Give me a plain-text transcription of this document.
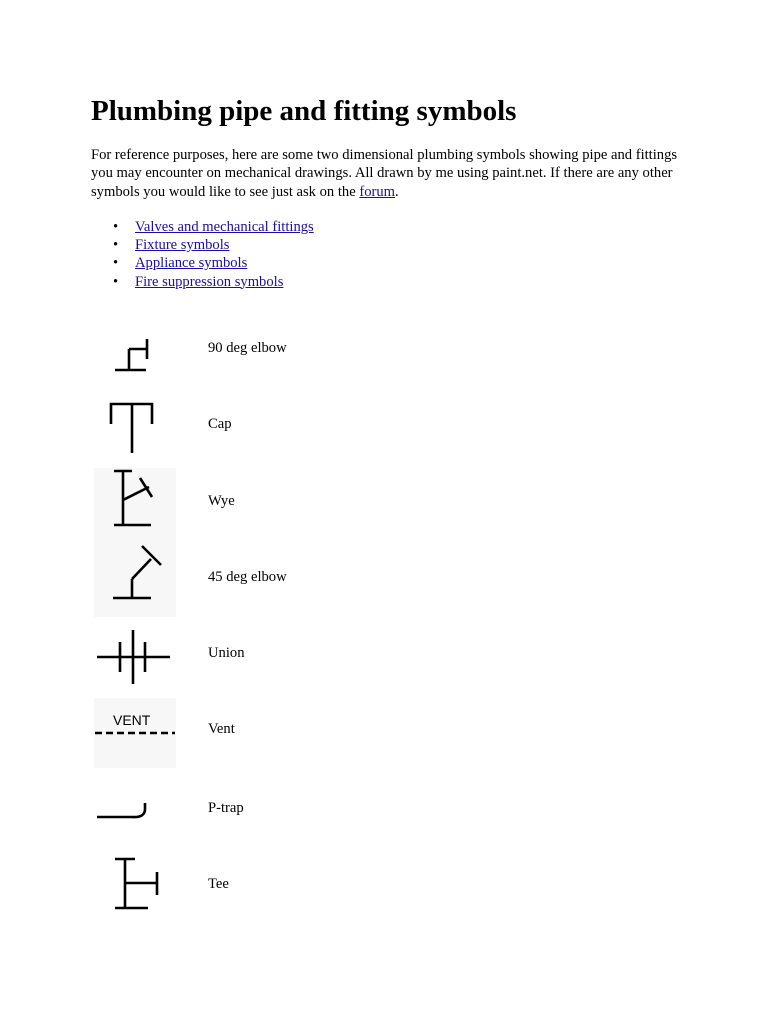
Plumbing pipe and fitting symbols

For reference purposes, here are some two dimensional plumbing symbols showing pipe and fittings you may encounter on mechanical drawings. All drawn by me using paint.net. If there are any other symbols you would like to see just ask on the forum.

• Valves and mechanical fittings
• Fixture symbols
• Appliance symbols
• Fire suppression symbols
90 deg elbow
Cap
Wye
45 deg elbow
Union
VENT
Vent
P-trap
Tee
